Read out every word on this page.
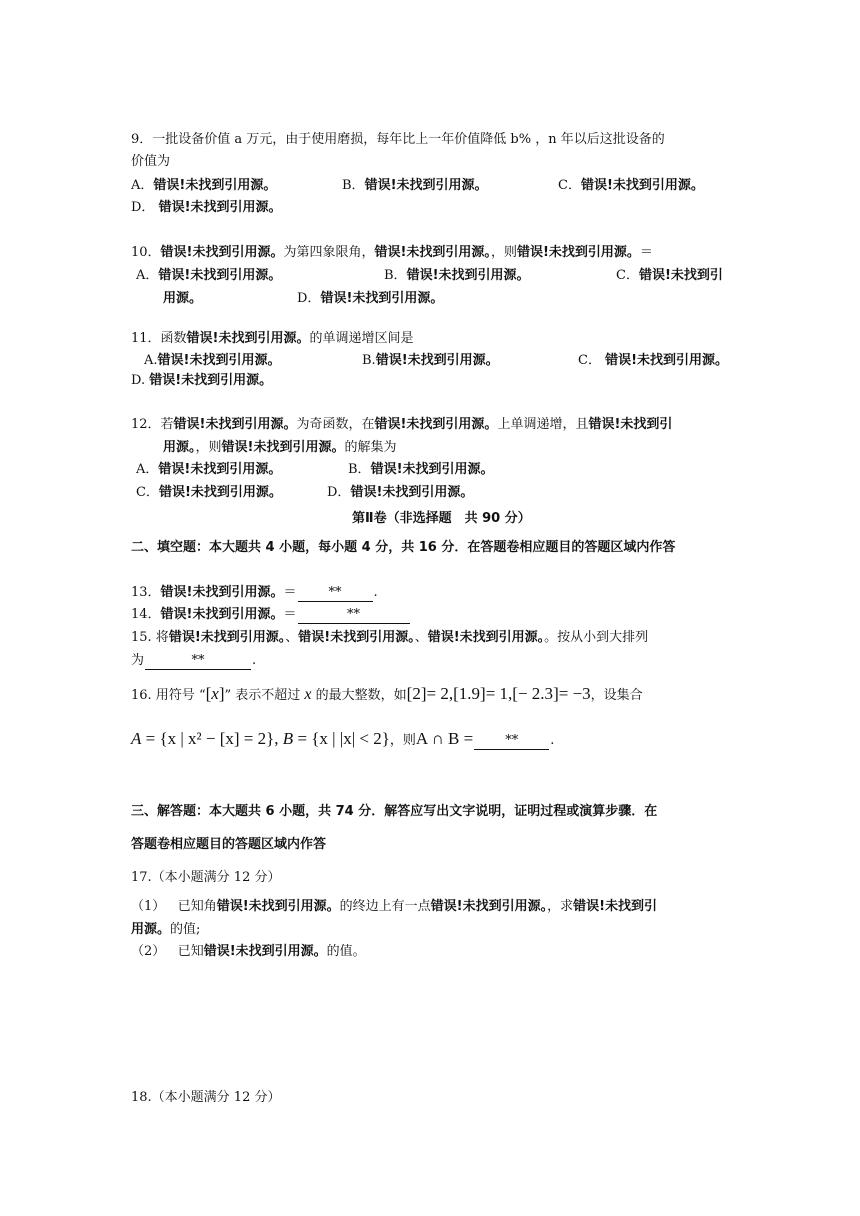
9．一批设备价值 a 万元，由于使用磨损，每年比上一年价值降低 b% ，n 年以后这批设备的
价值为
A．错误!未找到引用源。	B．错误!未找到引用源。	C．错误!未找到引用源。
D． 错误!未找到引用源。
10．错误!未找到引用源。为第四象限角，错误!未找到引用源。，则错误!未找到引用源。＝
A．错误!未找到引用源。	B．错误!未找到引用源。	C．错误!未找到引
用源。	D．错误!未找到引用源。
11．函数错误!未找到引用源。的单调递增区间是
A.错误!未找到引用源。	B.错误!未找到引用源。	C． 错误!未找到引用源。
D. 错误!未找到引用源。
12．若错误!未找到引用源。为奇函数，在错误!未找到引用源。上单调递增，且错误!未找到引
用源。，则错误!未找到引用源。的解集为
A．错误!未找到引用源。	B．错误!未找到引用源。
C．错误!未找到引用源。	D．错误!未找到引用源。
第Ⅱ卷（非选择题　共 90 分）
二、填空题：本大题共 4 小题，每小题 4 分，共 16 分．在答题卷相应题目的答题区域内作答
13．错误!未找到引用源。＝ ** .
14．错误!未找到引用源。＝	**
15. 将错误!未找到引用源。、错误!未找到引用源。、错误!未找到引用源。。按从小到大排列
为	**	.
16. 用符号 “[x]” 表示不超过 x 的最大整数，如[2]= 2,[1.9]= 1,[− 2.3]= −3，设集合
A = {x | x² − [x] = 2}, B = {x | |x| < 2}，则A ∩ B = ** .
三、解答题：本大题共 6 小题，共 74 分．解答应写出文字说明，证明过程或演算步骤．在
答题卷相应题目的答题区域内作答
17.（本小题满分 12 分）
（1） 已知角错误!未找到引用源。的终边上有一点错误!未找到引用源。，求错误!未找到引
用源。的值;
（2） 已知错误!未找到引用源。的值。
18.（本小题满分 12 分）
